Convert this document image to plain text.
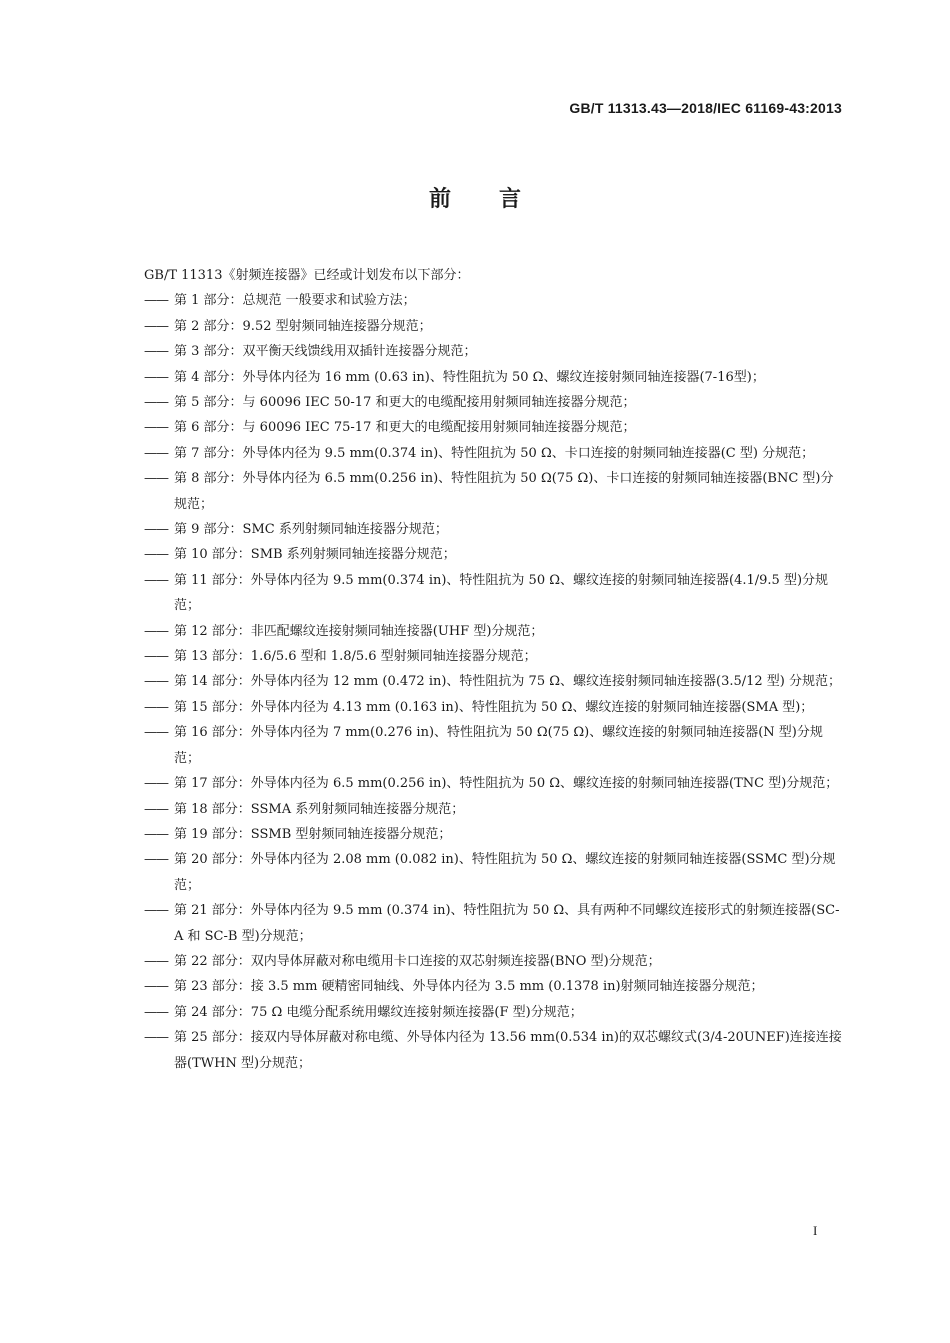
GB/T 11313.43—2018/IEC 61169-43:2013
前言
GB/T 11313《射频连接器》已经或计划发布以下部分：
—— 第 1 部分：总规范 一般要求和试验方法；
—— 第 2 部分：9.52 型射频同轴连接器分规范；
—— 第 3 部分：双平衡天线馈线用双插针连接器分规范；
—— 第 4 部分：外导体内径为 16 mm (0.63 in)、特性阻抗为 50 Ω、螺纹连接射频同轴连接器(7-16型)；
—— 第 5 部分：与 60096 IEC 50-17 和更大的电缆配接用射频同轴连接器分规范；
—— 第 6 部分：与 60096 IEC 75-17 和更大的电缆配接用射频同轴连接器分规范；
—— 第 7 部分：外导体内径为 9.5 mm(0.374 in)、特性阻抗为 50 Ω、卡口连接的射频同轴连接器(C 型) 分规范；
—— 第 8 部分：外导体内径为 6.5 mm(0.256 in)、特性阻抗为 50 Ω(75 Ω)、卡口连接的射频同轴连接器(BNC 型)分规范；
—— 第 9 部分：SMC 系列射频同轴连接器分规范；
—— 第 10 部分：SMB 系列射频同轴连接器分规范；
—— 第 11 部分：外导体内径为 9.5 mm(0.374 in)、特性阻抗为 50 Ω、螺纹连接的射频同轴连接器(4.1/9.5 型)分规范；
—— 第 12 部分：非匹配螺纹连接射频同轴连接器(UHF 型)分规范；
—— 第 13 部分：1.6/5.6 型和 1.8/5.6 型射频同轴连接器分规范；
—— 第 14 部分：外导体内径为 12 mm (0.472 in)、特性阻抗为 75 Ω、螺纹连接射频同轴连接器(3.5/12 型) 分规范；
—— 第 15 部分：外导体内径为 4.13 mm (0.163 in)、特性阻抗为 50 Ω、螺纹连接的射频同轴连接器(SMA 型)；
—— 第 16 部分：外导体内径为 7 mm(0.276 in)、特性阻抗为 50 Ω(75 Ω)、螺纹连接的射频同轴连接器(N 型)分规范；
—— 第 17 部分：外导体内径为 6.5 mm(0.256 in)、特性阻抗为 50 Ω、螺纹连接的射频同轴连接器(TNC 型)分规范；
—— 第 18 部分：SSMA 系列射频同轴连接器分规范；
—— 第 19 部分：SSMB 型射频同轴连接器分规范；
—— 第 20 部分：外导体内径为 2.08 mm (0.082 in)、特性阻抗为 50 Ω、螺纹连接的射频同轴连接器(SSMC 型)分规范；
—— 第 21 部分：外导体内径为 9.5 mm (0.374 in)、特性阻抗为 50 Ω、具有两种不同螺纹连接形式的射频连接器(SC-A 和 SC-B 型)分规范；
—— 第 22 部分：双内导体屏蔽对称电缆用卡口连接的双芯射频连接器(BNO 型)分规范；
—— 第 23 部分：接 3.5 mm 硬精密同轴线、外导体内径为 3.5 mm (0.1378 in)射频同轴连接器分规范；
—— 第 24 部分：75 Ω 电缆分配系统用螺纹连接射频连接器(F 型)分规范；
—— 第 25 部分：接双内导体屏蔽对称电缆、外导体内径为 13.56 mm(0.534 in)的双芯螺纹式(3/4-20UNEF)连接连接器(TWHN 型)分规范；
I
